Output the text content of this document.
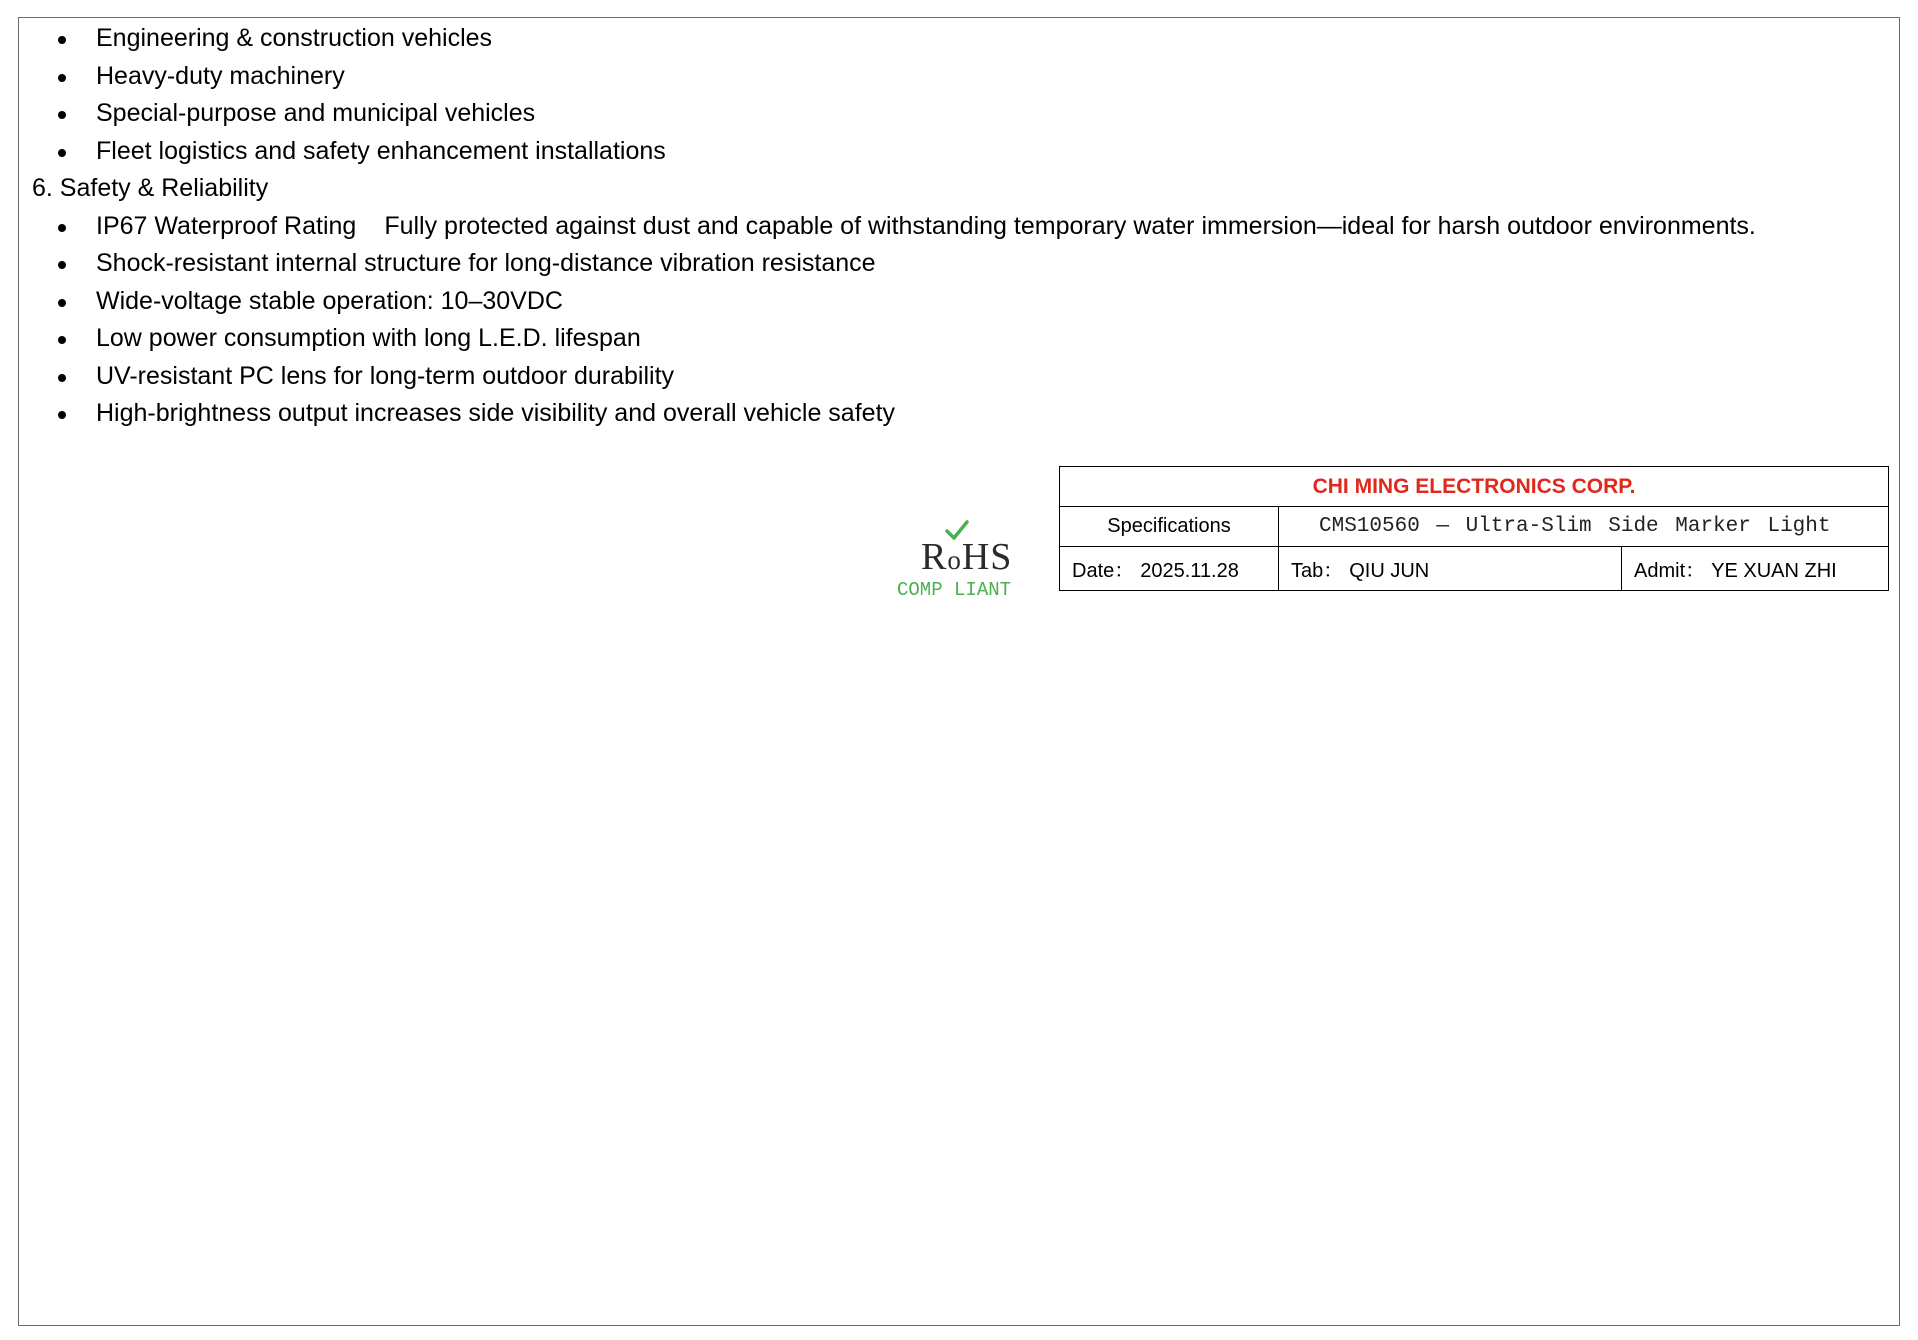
Engineering & construction vehicles
Heavy-duty machinery
Special-purpose and municipal vehicles
Fleet logistics and safety enhancement installations

6. Safety & Reliability

IP67 Waterproof Rating Fully protected against dust and capable of withstanding temporary water immersion—ideal for harsh outdoor environments.
Shock-resistant internal structure for long-distance vibration resistance
Wide-voltage stable operation: 10–30VDC
Low power consumption with long L.E.D. lifespan
UV-resistant PC lens for long-term outdoor durability
High-brightness output increases side visibility and overall vehicle safety
RoHS
COMP LIANT
CHI MING ELECTRONICS CORP.		
Specifications	CMS10560 — Ultra-Slim Side Marker Light	
Date： 2025.11.28	Tab： QIU JUN	Admit： YE XUAN ZHI
